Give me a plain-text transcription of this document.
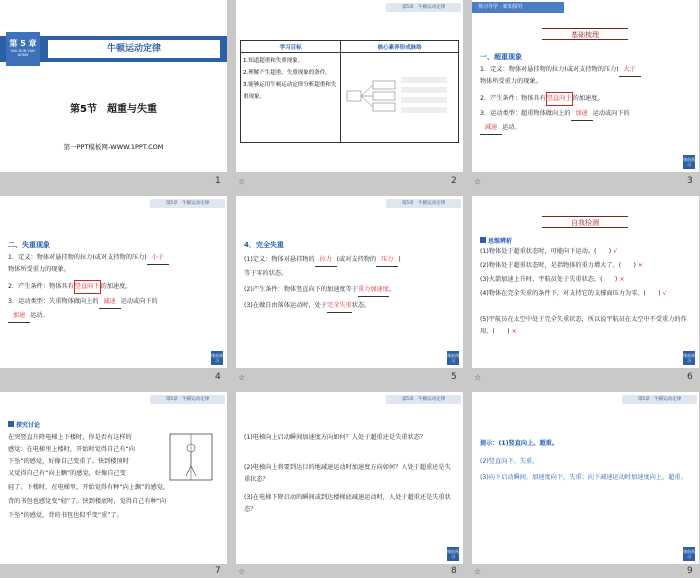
第 5 章
NIU DUN YUN DONG
牛顿运动定律
第5节　超重与失重
第一PPT模板网-WWW.1PPT.COM
1
第5章　牛顿运动定律
学习目标	核心素养形成脉络

1.知道超重和失重现象。
2.理解产生超重、失重现象的条件。
3.能够运用牛顿运动定律分析超重和失重现象。

☆	2
预习导学 · 新知探究
基础梳理
一、超重现象
1．定义：物体对悬挂物的拉力(或对支持物的压力) 大于
物体所受重力的现象。
2．产生条件：物体具有竖直向上的加速度。
3．运动类型：超重物体做向上的 加速 运动或向下的
减速 运动。
课前预习
☆	3
第5章　牛顿运动定律
二、失重现象
1．定义：物体对悬挂物的拉力(或对支持物的压力) 小于
物体所受重力的现象。
2．产生条件：物体具有竖直向下的加速度。
3．运动类型：失重物体做向上的 减速 运动或向下的
加速 运动。
课前预习
4
第5章　牛顿运动定律
4．完全失重
(1)定义：物体对悬挂物的 拉力 (或对支持物的 压力 )
等于零的状态。
(2)产生条件：物体竖直向下的加速度等于重力加速度。
(3)在做自由落体运动时，处于完全失重状态。
课前预习
☆	5
自我检测
思维辨析
(1)物体处于超重状态时，可能向下运动。(　　) √
(2)物体处于超重状态时，是指物体的重力增大了。(　　) ×
(3)火箭加速上升时，宇航员处于失重状态。(　　) ×
(4)物体在完全失重的条件下，对支持它的支撑面压力为零。(　　) √
(5)宇航员在太空中处于完全失重状态，所以说宇航员在太空中不受重力的作用。(　　) ×
课前预习
☆	6
第5章　牛顿运动定律
探究讨论
在突竖直升降电梯上下楼时，你是否有这样的
感觉：在电梯里上楼时，开始时觉得自己有“向
下坠”的感觉，好像自己变重了。快到楼顶时
又觉得自己有“向上飘”的感觉，好像自己变
轻了。下楼时，在电梯里，开始觉得有种“向上飘”的感觉，
背的书包也感觉变“轻”了。快到楼底时，觉得自己有种“向
下坠”的感觉，背的书包也似乎变“重”了。
7
第5章　牛顿运动定律
(1)电梯向上启动瞬间加速度方向如何？人处于超重还是失重状态？
(2)电梯向上将要到达目的地减速运动时加速度方向如何？人处于超重还是失重状态？
(3)在电梯下降启动的瞬间或到达楼梯底减速运动时，人处于超重还是失重状态？
课前预习
☆	8
第5章　牛顿运动定律
提示：(1)竖直向上。超重。
(2)竖直向下。失重。
(3)向下启动瞬间，加速度向下，失重；向下减速运动时加速度向上，超重。
课前预习
☆	9
